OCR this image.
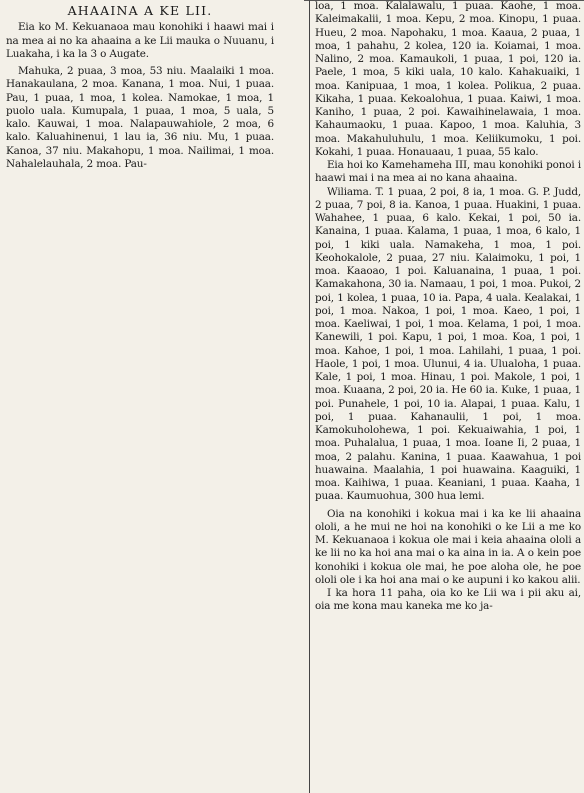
AHAAINA A KE LII.

Eia ko M. Kekuanaoa mau konohiki i haawi mai i na mea ai no ka ahaaina a ke Lii mauka o Nuuanu, i Luakaha, i ka la 3 o Augate.

Mahuka, 2 puaa, 3 moa, 53 niu. Maalaiki 1 moa. Hanakaulana, 2 moa. Kanana, 1 moa. Nui, 1 puaa. Pau, 1 puaa, 1 moa, 1 kolea. Namokae, 1 moa, 1 puolo uala. Kumupala, 1 puaa, 1 moa, 5 uala, 5 kalo. Kauwai, 1 moa. Nalapauwahiole, 2 moa, 6 kalo. Kaluahinenui, 1 lau ia, 36 niu. Mu, 1 puaa. Kanoa, 37 niu. Makahopu, 1 moa. Nailimai, 1 moa. Nahalelauhala, 2 moa. Pau-

loa, 1 moa. Kalalawalu, 1 puaa. Kaohe, 1 moa. Kaleimakalii, 1 moa. Kepu, 2 moa. Kinopu, 1 puaa. Hueu, 2 moa. Napohaku, 1 moa. Kaaua, 2 puaa, 1 moa, 1 pahahu, 2 kolea, 120 ia. Koiamai, 1 moa. Nalino, 2 moa. Kamaukoli, 1 puaa, 1 poi, 120 ia. Paele, 1 moa, 5 kiki uala, 10 kalo. Kahakuaiki, 1 moa. Kanipuaa, 1 moa, 1 kolea. Polikua, 2 puaa. Kikaha, 1 puaa. Kekoalohua, 1 puaa. Kaiwi, 1 moa. Kaniho, 1 puaa, 2 poi. Kawaihinelawaia, 1 moa. Kahaumaoku, 1 puaa. Kapoo, 1 moa. Kaluhia, 3 moa. Makahuluhulu, 1 moa. Keliikumoku, 1 poi. Kokahi, 1 puaa. Honauaau, 1 puaa, 55 kalo.

Eia hoi ko Kamehameha III, mau konohiki ponoi i haawi mai i na mea ai no kana ahaaina.

Wiliama. T. 1 puaa, 2 poi, 8 ia, 1 moa. G. P. Judd, 2 puaa, 7 poi, 8 ia. Kanoa, 1 puaa. Huakini, 1 puaa. Wahahee, 1 puaa, 6 kalo. Kekai, 1 poi, 50 ia. Kanaina, 1 puaa. Kalama, 1 puaa, 1 moa, 6 kalo, 1 poi, 1 kiki uala. Namakeha, 1 moa, 1 poi. Keohokalole, 2 puaa, 27 niu. Kalaimoku, 1 poi, 1 moa. Kaaoao, 1 poi. Kaluanaina, 1 puaa, 1 poi. Kamakahona, 30 ia. Namaau, 1 poi, 1 moa. Pukoi, 2 poi, 1 kolea, 1 puaa, 10 ia. Papa, 4 uala. Kealakai, 1 poi, 1 moa. Nakoa, 1 poi, 1 moa. Kaeo, 1 poi, 1 moa. Kaeliwai, 1 poi, 1 moa. Kelama, 1 poi, 1 moa. Kanewili, 1 poi. Kapu, 1 poi, 1 moa. Koa, 1 poi, 1 moa. Kahoe, 1 poi, 1 moa. Lahilahi, 1 puaa, 1 poi. Haole, 1 poi, 1 moa. Ulunui, 4 ia. Ulualoha, 1 puaa. Kale, 1 poi, 1 moa. Hinau, 1 poi. Makole, 1 poi, 1 moa. Kuaana, 2 poi, 20 ia. He 60 ia. Kuke, 1 puaa, 1 poi. Punahele, 1 poi, 10 ia. Alapai, 1 puaa. Kalu, 1 poi, 1 puaa. Kahanaulii, 1 poi, 1 moa. Kamokuholohewa, 1 poi. Kekuaiwahia, 1 poi, 1 moa. Puhalalua, 1 puaa, 1 moa. Ioane Ii, 2 puaa, 1 moa, 2 palahu. Kanina, 1 puaa. Kaawahua, 1 poi huawaina. Maalahia, 1 poi huawaina. Kaaguiki, 1 moa. Kaihiwa, 1 puaa. Keaniani, 1 puaa. Kaaha, 1 puaa. Kaumuohua, 300 hua lemi.

Oia na konohiki i kokua mai i ka ke lii ahaaina ololi, a he mui ne hoi na konohiki o ke Lii a me ko M. Kekuanaoa i kokua ole mai i keia ahaaina ololi a ke lii no ka hoi ana mai o ka aina in ia. A o kein poe konohiki i kokua ole mai, he poe aloha ole, he poe ololi ole i ka hoi ana mai o ke aupuni i ko kakou alii.

I ka hora 11 paha, oia ko ke Lii wa i pii aku ai, oia me kona mau kaneka me ko ja-
